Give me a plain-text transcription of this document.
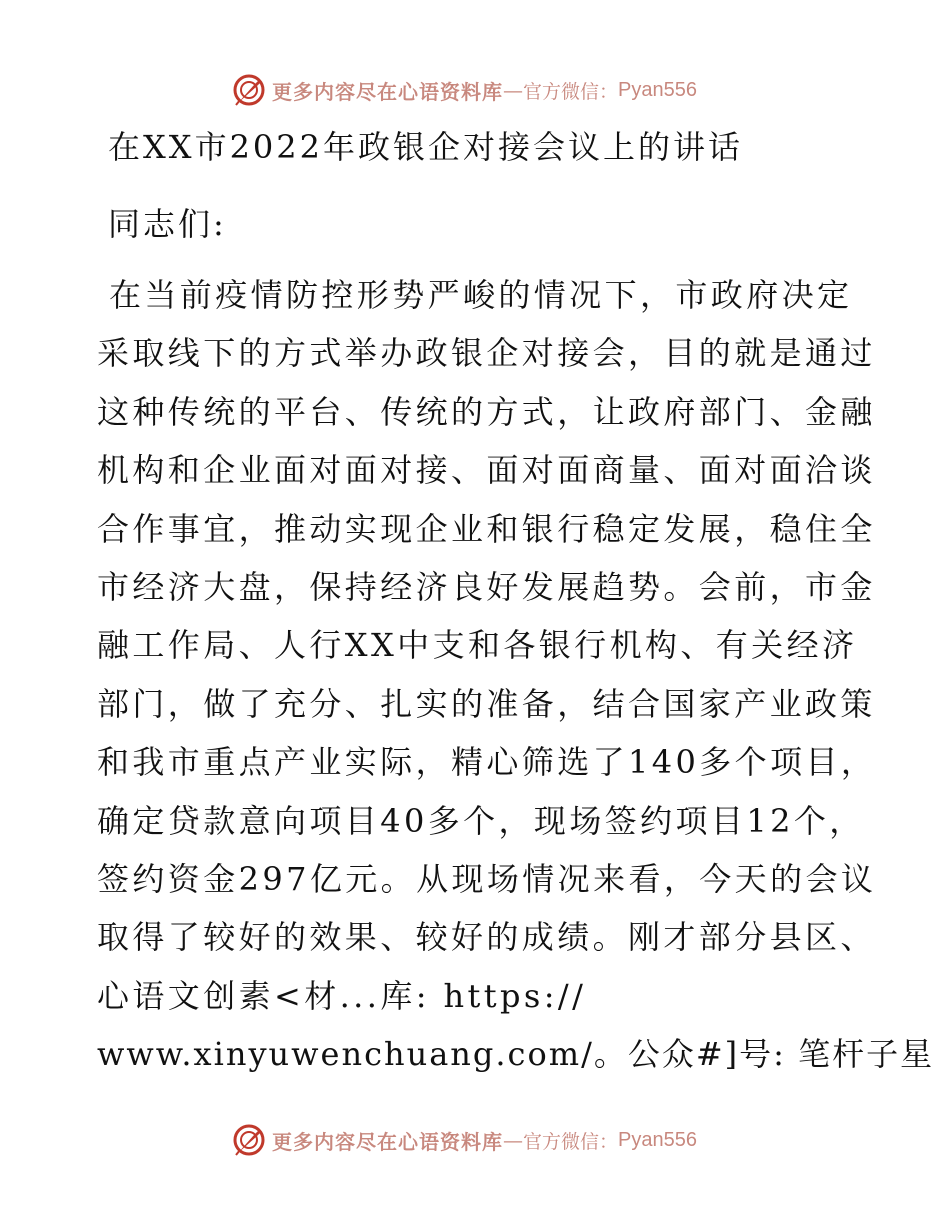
更多内容尽在心语资料库 — 官方微信： Pyan556
在XX市2022年政银企对接会议上的讲话
同志们:
在当前疫情防控形势严峻的情况下，市政府决定
采取线下的方式举办政银企对接会，目的就是通过
这种传统的平台、传统的方式，让政府部门、金融
机构和企业面对面对接、面对面商量、面对面洽谈
合作事宜，推动实现企业和银行稳定发展，稳住全
市经济大盘，保持经济良好发展趋势。会前，市金
融工作局、人行XX中支和各银行机构、有关经济
部门，做了充分、扎实的准备，结合国家产业政策
和我市重点产业实际，精心筛选了140多个项目，
确定贷款意向项目40多个，现场签约项目12个，
签约资金297亿元。从现场情况来看，今天的会议
取得了较好的效果、较好的成绩。刚才部分县区、
心语文创素<材...库: https://
www.xinyuwenchuang.com/。公众#]号: 笔杆子星
更多内容尽在心语资料库 — 官方微信： Pyan556
